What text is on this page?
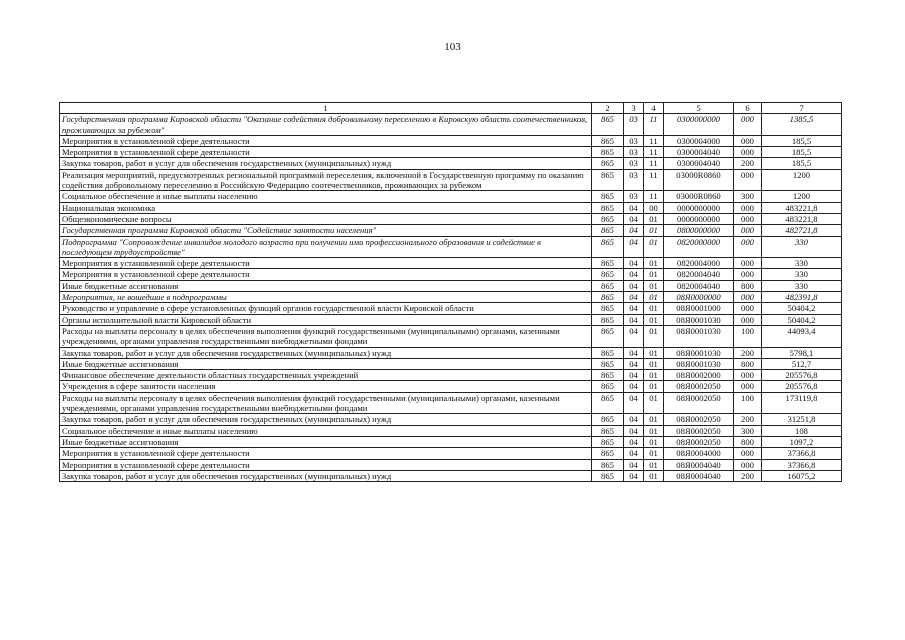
103
1	2	3	4	5	6	7
Государственная программа Кировской области "Оказание содействия добровольному переселению в Кировскую область соотечественников, проживающих за рубежом"	865	03	11	0300000000	000	1385,5
Мероприятия в установленной сфере деятельности	865	03	11	0300004000	000	185,5
Мероприятия в установленной сфере деятельности	865	03	11	0300004040	000	185,5
Закупка товаров, работ и услуг для обеспечения государственных (муниципальных) нужд	865	03	11	0300004040	200	185,5
Реализация мероприятий, предусмотренных региональной программой переселения, включенной в Государственную программу по оказанию содействия добровольному переселению в Российскую Федерацию соотечественников, проживающих за рубежом	865	03	11	03000R0860	000	1200
Социальное обеспечение и иные выплаты населению	865	03	11	03000R0860	300	1200
Национальная экономика	865	04	00	0000000000	000	483221,8
Общеэкономические вопросы	865	04	01	0000000000	000	483221,8
Государственная программа Кировской области "Содействие занятости населения"	865	04	01	0800000000	000	482721,8
Подпрограмма "Сопровождение инвалидов молодого возраста при получении ими профессионального образования и содействие в последующем трудоустройстве"	865	04	01	0820000000	000	330
Мероприятия в установленной сфере деятельности	865	04	01	0820004000	000	330
Мероприятия в установленной сфере деятельности	865	04	01	0820004040	000	330
Иные бюджетные ассигнования	865	04	01	0820004040	800	330
Мероприятия, не вошедшие в подпрограммы	865	04	01	08Я0000000	000	482391,8
Руководство и управление в сфере установленных функций органов государственной власти Кировской области	865	04	01	08Я0001000	000	50404,2
Органы исполнительной власти Кировской области	865	04	01	08Я0001030	000	50404,2
Расходы на выплаты персоналу в целях обеспечения выполнения функций государственными (муниципальными) органами, казенными учреждениями, органами управления государственными внебюджетными фондами	865	04	01	08Я0001030	100	44093,4
Закупка товаров, работ и услуг для обеспечения государственных (муниципальных) нужд	865	04	01	08Я0001030	200	5798,1
Иные бюджетные ассигнования	865	04	01	08Я0001030	800	512,7
Финансовое обеспечение деятельности областных государственных учреждений	865	04	01	08Я0002000	000	205576,8
Учреждения в сфере занятости населения	865	04	01	08Я0002050	000	205576,8
Расходы на выплаты персоналу в целях обеспечения выполнения функций государственными (муниципальными) органами, казенными учреждениями, органами управления государственными внебюджетными фондами	865	04	01	08Я0002050	100	173119,8
Закупка товаров, работ и услуг для обеспечения государственных (муниципальных) нужд	865	04	01	08Я0002050	200	31251,8
Социальное обеспечение и иные выплаты населению	865	04	01	08Я0002050	300	108
Иные бюджетные ассигнования	865	04	01	08Я0002050	800	1097,2
Мероприятия в установленной сфере деятельности	865	04	01	08Я0004000	000	37366,8
Мероприятия в установленной сфере деятельности	865	04	01	08Я0004040	000	37366,8
Закупка товаров, работ и услуг для обеспечения государственных (муниципальных) нужд	865	04	01	08Я0004040	200	16075,2
